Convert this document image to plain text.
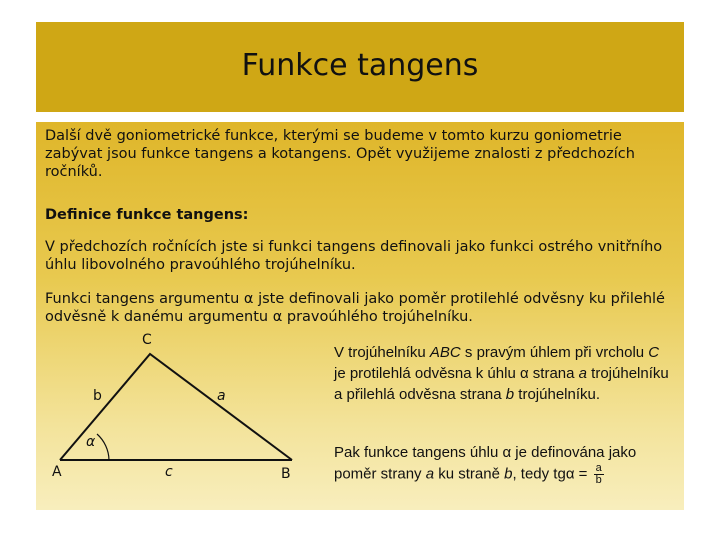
Funkce tangens
Další dvě goniometrické funkce, kterými se budeme v tomto kurzu goniometrie zabývat jsou funkce tangens a kotangens. Opět využijeme znalosti z předchozích ročníků.
Definice funkce tangens:
V předchozích ročnících jste si funkci tangens definovali jako funkci ostrého vnitřního úhlu libovolného pravoúhlého trojúhelníku.
Funkci tangens argumentu α jste definovali jako poměr protilehlé odvěsny ku přilehlé odvěsně k danému argumentu α pravoúhlého trojúhelníku.
C
b	a
α
A	c	B
V trojúhelníku ABC s pravým úhlem při vrcholu C je protilehlá odvěsna k úhlu α strana a trojúhelníku a přilehlá odvěsna strana b trojúhelníku.
Pak funkce tangens úhlu α je definována jako poměr strany a ku straně b, tedy $tg\alpha = \frac{a}{b}$
